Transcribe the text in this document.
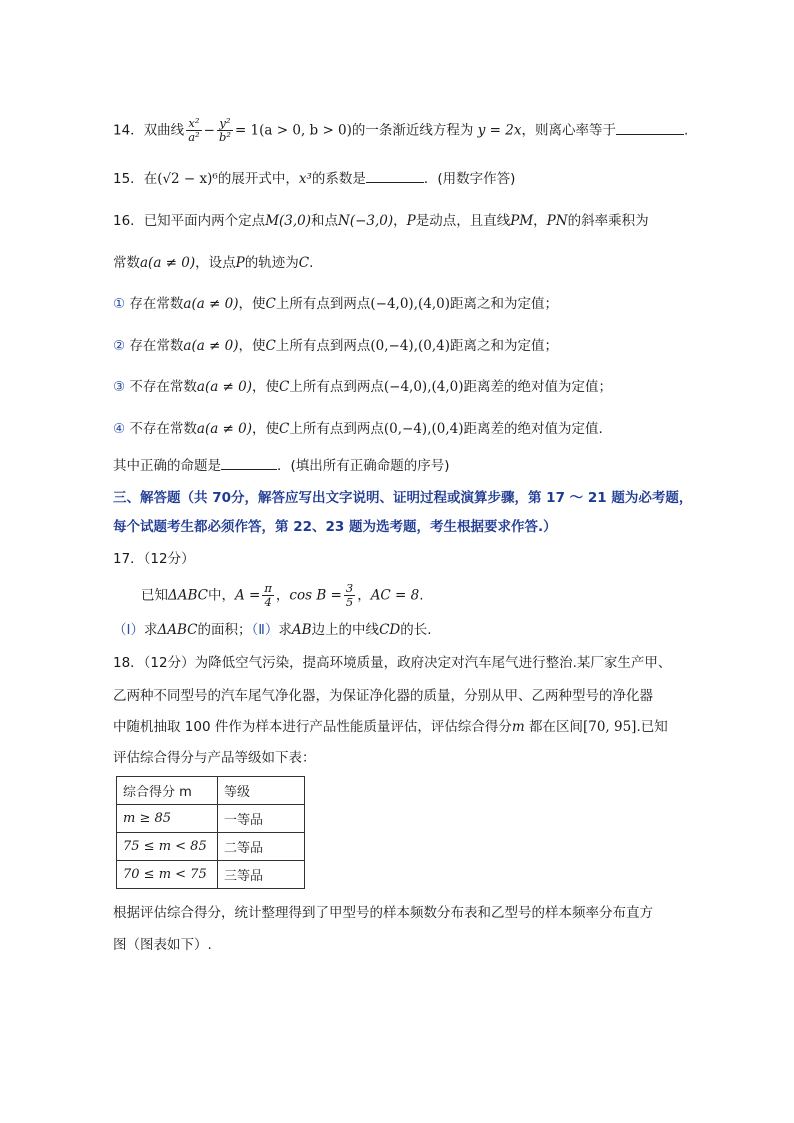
14．双曲线 $\frac{\text{x²}}{\text{a²}} - \frac{\text{y²}}{\text{b²}} = 1(a > 0$, b > 0)的一条渐近线方程为 y = 2x，则离心率等于	.
15．在(√2 − x)⁶的展开式中，x³的系数是	．(用数字作答)
16．已知平面内两个定点M(3,0)和点N(−3,0)，P是动点，且直线PM，PN的斜率乘积为
常数a(a ≠ 0)，设点P的轨迹为C.
① 存在常数a(a ≠ 0)，使C上所有点到两点(−4,0),(4,0)距离之和为定值；
② 存在常数a(a ≠ 0)，使C上所有点到两点(0,−4),(0,4)距离之和为定值；
③ 不存在常数a(a ≠ 0)，使C上所有点到两点(−4,0),(4,0)距离差的绝对值为定值；
④ 不存在常数a(a ≠ 0)，使C上所有点到两点(0,−4),(0,4)距离差的绝对值为定值.
其中正确的命题是	．(填出所有正确命题的序号)
三、解答题（共 70分，解答应写出文字说明、证明过程或演算步骤，第 17 ～ 21 题为必考题，
每个试题考生都必须作答，第 22、23 题为选考题，考生根据要求作答.）
17．（12分）
已知ΔABC中，$A = \frac{\pi}{4}$ ，$\cos B = \frac{3}{5}$ ，AC = 8.
（Ⅰ）求ΔABC的面积；（Ⅱ）求AB边上的中线CD的长.
18．（12分）为降低空气污染，提高环境质量，政府决定对汽车尾气进行整治.某厂家生产甲、
乙两种不同型号的汽车尾气净化器，为保证净化器的质量，分别从甲、乙两种型号的净化器
中随机抽取 100 件作为样本进行产品性能质量评估，评估综合得分m 都在区间[70, 95].已知
评估综合得分与产品等级如下表：
综合得分 m	等级
m ≥ 85	一等品
75 ≤ m < 85	二等品
70 ≤ m < 75	三等品
根据评估综合得分，统计整理得到了甲型号的样本频数分布表和乙型号的样本频率分布直方
图（图表如下）.
